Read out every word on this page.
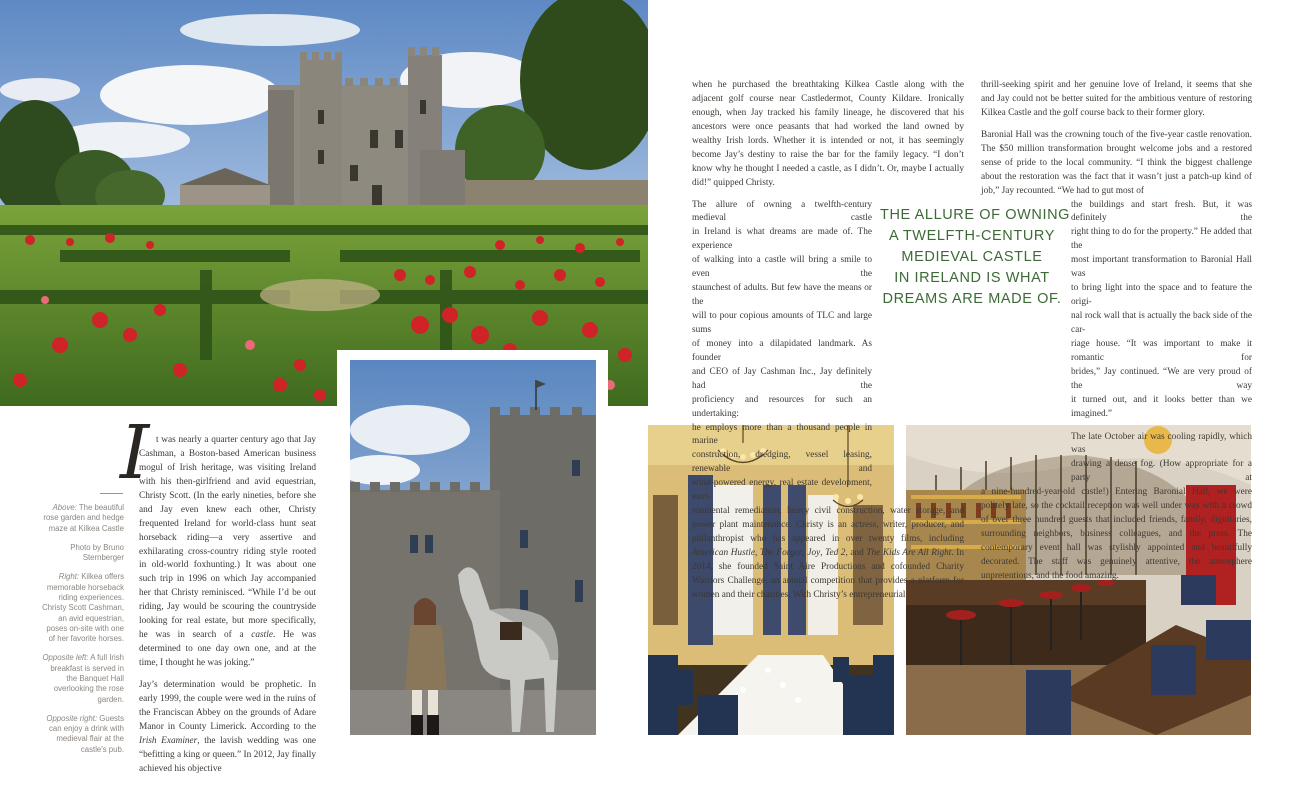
Above: The beautiful rose garden and hedge maze at Kilkea Castle

Photo by Bruno Sternberger

Right: Kilkea offers memorable horseback riding experiences. Christy Scott Cashman, an avid equestrian, poses on-site with one of her favorite horses.

Opposite left: A full Irish breakfast is served in the Banquet Hall overlooking the rose garden.

Opposite right: Guests can enjoy a drink with medieval flair at the castle's pub.

I t was nearly a quarter century ago that Jay Cashman, a Boston-based American business mogul of Irish heritage, was visiting Ireland with his then-girlfriend and avid equestrian, Christy Scott. (In the early nineties, before she and Jay even knew each other, Christy frequented Ireland for world-class hunt seat horseback riding—a very assertive and exhilarating cross-country riding style rooted in old-world foxhunting.) It was about one such trip in 1996 on which Jay accompanied her that Christy reminisced. “While I’d be out riding, Jay would be scouring the countryside looking for real estate, but more specifically, he was in search of a castle. He was determined to one day own one, and at the time, I thought he was joking.”

Jay’s determination would be prophetic. In early 1999, the couple were wed in the ruins of the Franciscan Abbey on the grounds of Adare Manor in County Limerick. According to the Irish Examiner, the lavish wedding was one “befitting a king or queen.” In 2012, Jay finally achieved his objective

when he purchased the breathtaking Kilkea Castle along with the adjacent golf course near Castledermot, County Kildare. Ironically enough, when Jay tracked his family lineage, he discovered that his ancestors were once peasants that had worked the land owned by wealthy Irish lords. Whether it is intended or not, it has seemingly become Jay’s destiny to raise the bar for the family legacy. “I don’t know why he thought I needed a castle, as I didn’t. Or, maybe I actually did!” quipped Christy.

The allure of owning a twelfth-century medieval castle
in Ireland is what dreams are made of. The experience
of walking into a castle will bring a smile to even the
staunchest of adults. But few have the means or the
will to pour copious amounts of TLC and large sums
of money into a dilapidated landmark. As founder
and CEO of Jay Cashman Inc., Jay definitely had the
proficiency and resources for such an undertaking:
he employs more than a thousand people in marine
construction, dredging, vessel leasing, renewable and
wind-powered energy, real estate development, envi-

ronmental remediation, heavy civil construction, water storage, and power plant maintenance. Christy is an actress, writer, producer, and philanthropist who has appeared in over twenty films, including American Hustle, The Forger, Joy, Ted 2, and The Kids Are All Right. In 2014, she founded Saint Aire Productions and cofounded Charity Warriors Challenge, an annual competition that provides a platform for women and their charities. With Christy’s entrepreneurial

THE ALLURE OF OWNING
A TWELFTH-CENTURY
MEDIEVAL CASTLE
IN IRELAND IS WHAT
DREAMS ARE MADE OF.

thrill-seeking spirit and her genuine love of Ireland, it seems that she and Jay could not be better suited for the ambitious venture of restoring Kilkea Castle and the golf course back to their former glory.

Baronial Hall was the crowning touch of the five-year castle renovation. The $50 million transformation brought welcome jobs and a restored sense of pride to the local community. “I think the biggest challenge about the restoration was the fact that it wasn’t just a patch-up kind of job,” Jay recounted. “We had to gut most of

the buildings and start fresh. But, it was definitely the
right thing to do for the property.” He added that the
most important transformation to Baronial Hall was
to bring light into the space and to feature the origi-
nal rock wall that is actually the back side of the car-
riage house. “It was important to make it romantic for
brides,” Jay continued. “We are very proud of the way
it turned out, and it looks better than we imagined.”
The late October air was cooling rapidly, which was
drawing a dense fog. (How appropriate for a party at

a nine-hundred-year-old castle!) Entering Baronial Hall, we were politely late, so the cocktail reception was well under way with a crowd of over three hundred guests that included friends, family, dignitaries, surrounding neighbors, business colleagues, and the press. The contemporary event hall was stylishly appointed and beautifully decorated. The staff was genuinely attentive, the atmosphere unpretentious, and the food amazing.
